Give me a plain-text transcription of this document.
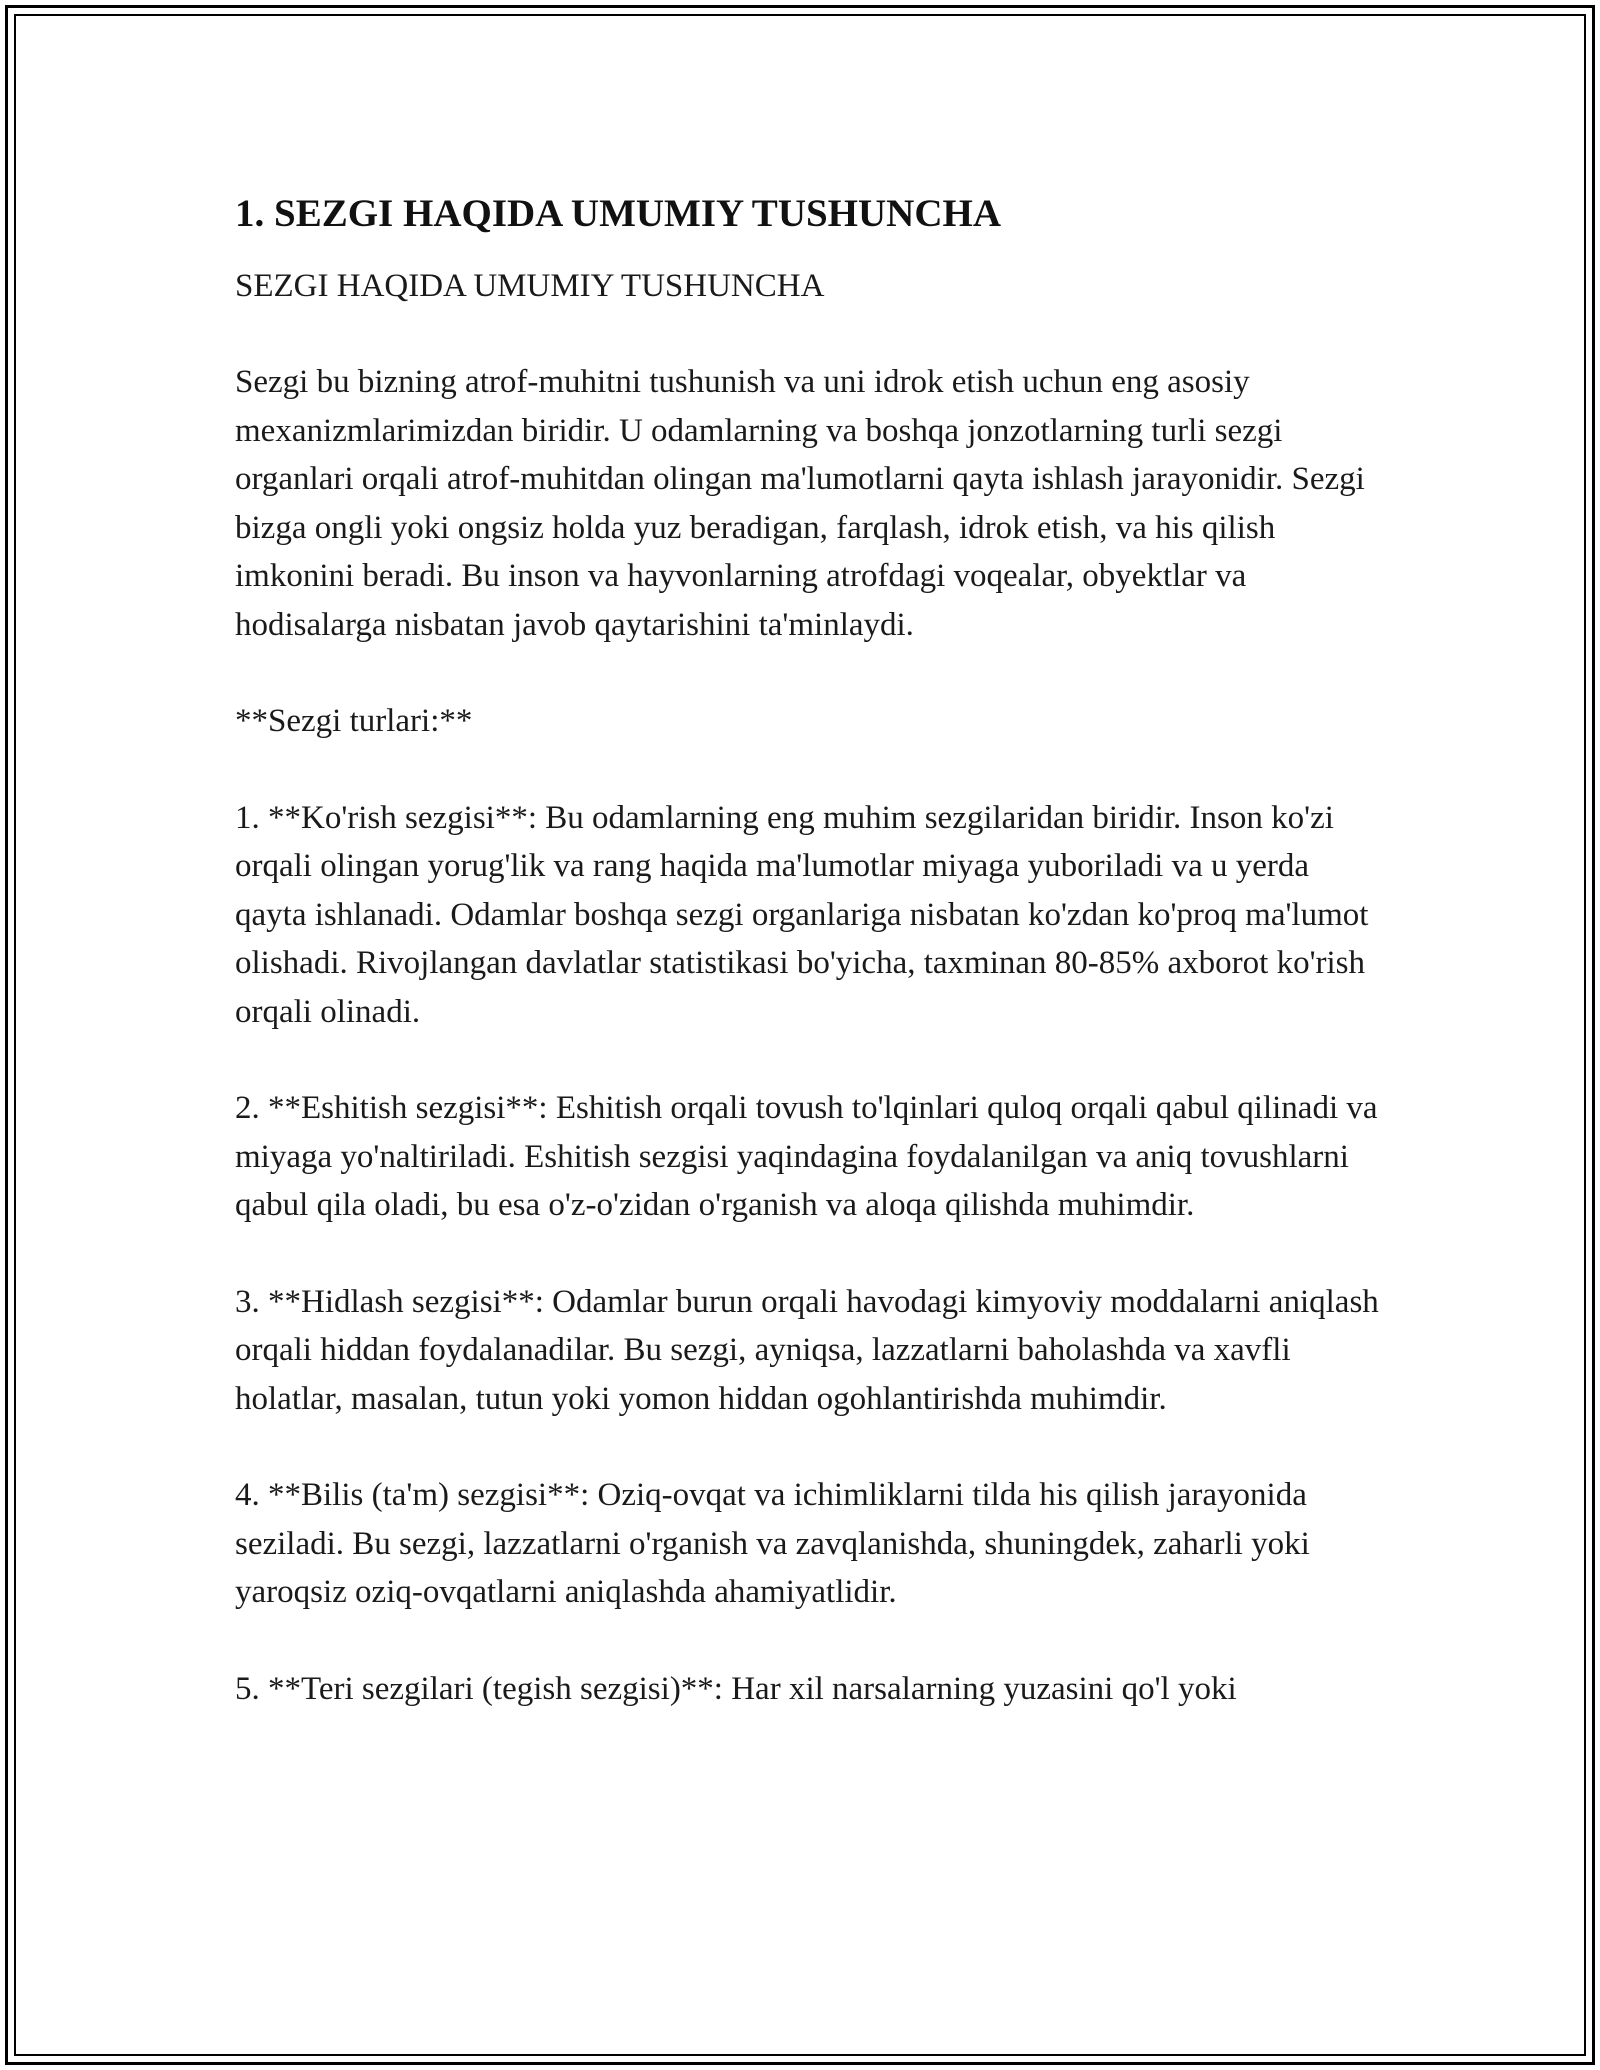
1. SEZGI HAQIDA UMUMIY TUSHUNCHA

SEZGI HAQIDA UMUMIY TUSHUNCHA

Sezgi bu bizning atrof-muhitni tushunish va uni idrok etish uchun eng asosiy mexanizmlarimizdan biridir. U odamlarning va boshqa jonzotlarning turli sezgi organlari orqali atrof-muhitdan olingan ma'lumotlarni qayta ishlash jarayonidir. Sezgi bizga ongli yoki ongsiz holda yuz beradigan, farqlash, idrok etish, va his qilish imkonini beradi. Bu inson va hayvonlarning atrofdagi voqealar, obyektlar va hodisalarga nisbatan javob qaytarishini ta'minlaydi.

**Sezgi turlari:**

1. **Ko'rish sezgisi**: Bu odamlarning eng muhim sezgilaridan biridir. Inson ko'zi orqali olingan yorug'lik va rang haqida ma'lumotlar miyaga yuboriladi va u yerda qayta ishlanadi. Odamlar boshqa sezgi organlariga nisbatan ko'zdan ko'proq ma'lumot olishadi. Rivojlangan davlatlar statistikasi bo'yicha, taxminan 80-85% axborot ko'rish orqali olinadi.

2. **Eshitish sezgisi**: Eshitish orqali tovush to'lqinlari quloq orqali qabul qilinadi va miyaga yo'naltiriladi. Eshitish sezgisi yaqindagina foydalanilgan va aniq tovushlarni qabul qila oladi, bu esa o'z-o'zidan o'rganish va aloqa qilishda muhimdir.

3. **Hidlash sezgisi**: Odamlar burun orqali havodagi kimyoviy moddalarni aniqlash orqali hiddan foydalanadilar. Bu sezgi, ayniqsa, lazzatlarni baholashda va xavfli holatlar, masalan, tutun yoki yomon hiddan ogohlantirishda muhimdir.

4. **Bilis (ta'm) sezgisi**: Oziq-ovqat va ichimliklarni tilda his qilish jarayonida seziladi. Bu sezgi, lazzatlarni o'rganish va zavqlanishda, shuningdek, zaharli yoki yaroqsiz oziq-ovqatlarni aniqlashda ahamiyatlidir.

5. **Teri sezgilari (tegish sezgisi)**: Har xil narsalarning yuzasini qo'l yoki
